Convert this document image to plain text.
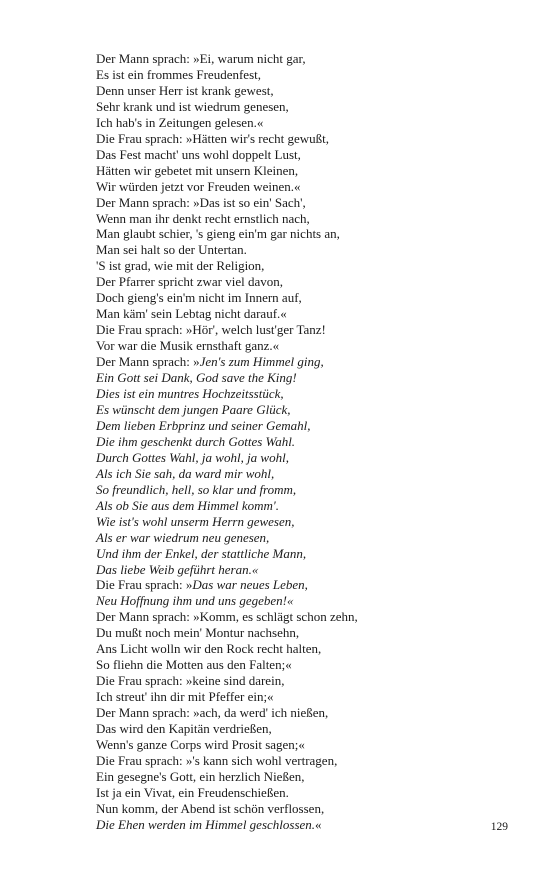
Der Mann sprach: »Ei, warum nicht gar,
Es ist ein frommes Freudenfest,
Denn unser Herr ist krank gewest,
Sehr krank und ist wiedrum genesen,
Ich hab's in Zeitungen gelesen.«
Die Frau sprach: »Hätten wir's recht gewußt,
Das Fest macht' uns wohl doppelt Lust,
Hätten wir gebetet mit unsern Kleinen,
Wir würden jetzt vor Freuden weinen.«
Der Mann sprach: »Das ist so ein' Sach',
Wenn man ihr denkt recht ernstlich nach,
Man glaubt schier, 's gieng ein'm gar nichts an,
Man sei halt so der Untertan.
'S ist grad, wie mit der Religion,
Der Pfarrer spricht zwar viel davon,
Doch gieng's ein'm nicht im Innern auf,
Man käm' sein Lebtag nicht darauf.«
Die Frau sprach: »Hör', welch lust'ger Tanz!
Vor war die Musik ernsthaft ganz.«
Der Mann sprach: »Jen's zum Himmel ging,
Ein Gott sei Dank, God save the King!
Dies ist ein muntres Hochzeitsstück,
Es wünscht dem jungen Paare Glück,
Dem lieben Erbprinz und seiner Gemahl,
Die ihm geschenkt durch Gottes Wahl.
Durch Gottes Wahl, ja wohl, ja wohl,
Als ich Sie sah, da ward mir wohl,
So freundlich, hell, so klar und fromm,
Als ob Sie aus dem Himmel komm'.
Wie ist's wohl unserm Herrn gewesen,
Als er war wiedrum neu genesen,
Und ihm der Enkel, der stattliche Mann,
Das liebe Weib geführt heran.«
Die Frau sprach: »Das war neues Leben,
Neu Hoffnung ihm und uns gegeben!«
Der Mann sprach: »Komm, es schlägt schon zehn,
Du mußt noch mein' Montur nachsehn,
Ans Licht wolln wir den Rock recht halten,
So fliehn die Motten aus den Falten;«
Die Frau sprach: »keine sind darein,
Ich streut' ihn dir mit Pfeffer ein;«
Der Mann sprach: »ach, da werd' ich nießen,
Das wird den Kapitän verdrießen,
Wenn's ganze Corps wird Prosit sagen;«
Die Frau sprach: »'s kann sich wohl vertragen,
Ein gesegne's Gott, ein herzlich Nießen,
Ist ja ein Vivat, ein Freudenschießen.
Nun komm, der Abend ist schön verflossen,
Die Ehen werden im Himmel geschlossen.«	129
